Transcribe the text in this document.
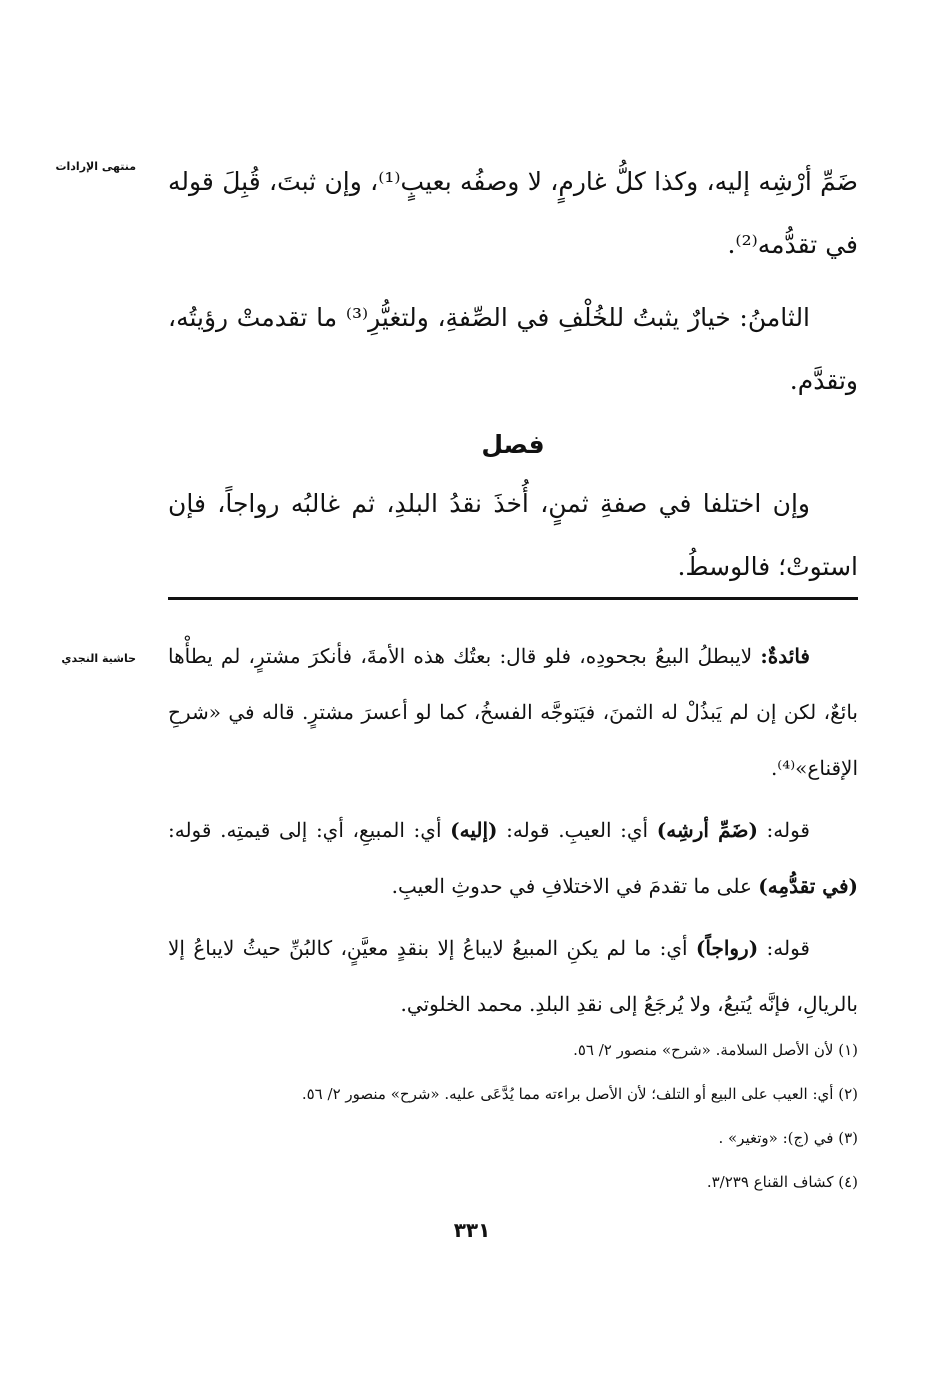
منتهى الإرادات

ضَمِّ أرْشِه إليه، وكذا كلُّ غارمٍ، لا وصفُه بعيبٍ⁽¹⁾، وإن ثبتَ، قُبِلَ قوله في تقدُّمه⁽²⁾.

الثامنُ: خيارٌ يثبتُ للخُلْفِ في الصِّفةِ، ولتغيُّرِ⁽³⁾ ما تقدمتْ رؤيتُه، وتقدَّم.

فصل

وإن اختلفا في صفةِ ثمنٍ، أُخذَ نقدُ البلدِ، ثم غالبُه رواجاً، فإن استوتْ؛ فالوسطُ.

حاشية النجدي	فائدةٌ: لايبطلُ البيعُ بجحودِه، فلو قال: بعتُك هذه الأمةَ، فأنكرَ مشترٍ، لم يطأْها بائعٌ، لكن إن لم يَبذُلْ له الثمنَ، فيَتوجَّه الفسخُ، كما لو أعسرَ مشترٍ. قاله في «شرحِ الإقناع»⁽⁴⁾.

قوله: (ضَمِّ أرشِه) أي: العيبِ. قوله: (إليه) أي: المبيعِ، أي: إلى قيمتِه. قوله: (في تقدُّمِه) على ما تقدمَ في الاختلافِ في حدوثِ العيبِ.

قوله: (رواجاً) أي: ما لم يكنِ المبيعُ لايباعُ إلا بنقدٍ معيَّنٍ، كالبُنِّ حيثُ لايباعُ إلا بالريالِ، فإنَّه يُتبعُ، ولا يُرجَعُ إلى نقدِ البلدِ. محمد الخلوتي.

(١) لأن الأصل السلامة. «شرح» منصور ٢/ ٥٦.

(٢) أي: العيب على البيع أو التلف؛ لأن الأصل براءته مما يُدَّعَى عليه. «شرح» منصور ٢/ ٥٦.

(٣) في (ج): «وتغير» .

(٤) كشاف القناع ٣/٢٣٩.

٣٣١
